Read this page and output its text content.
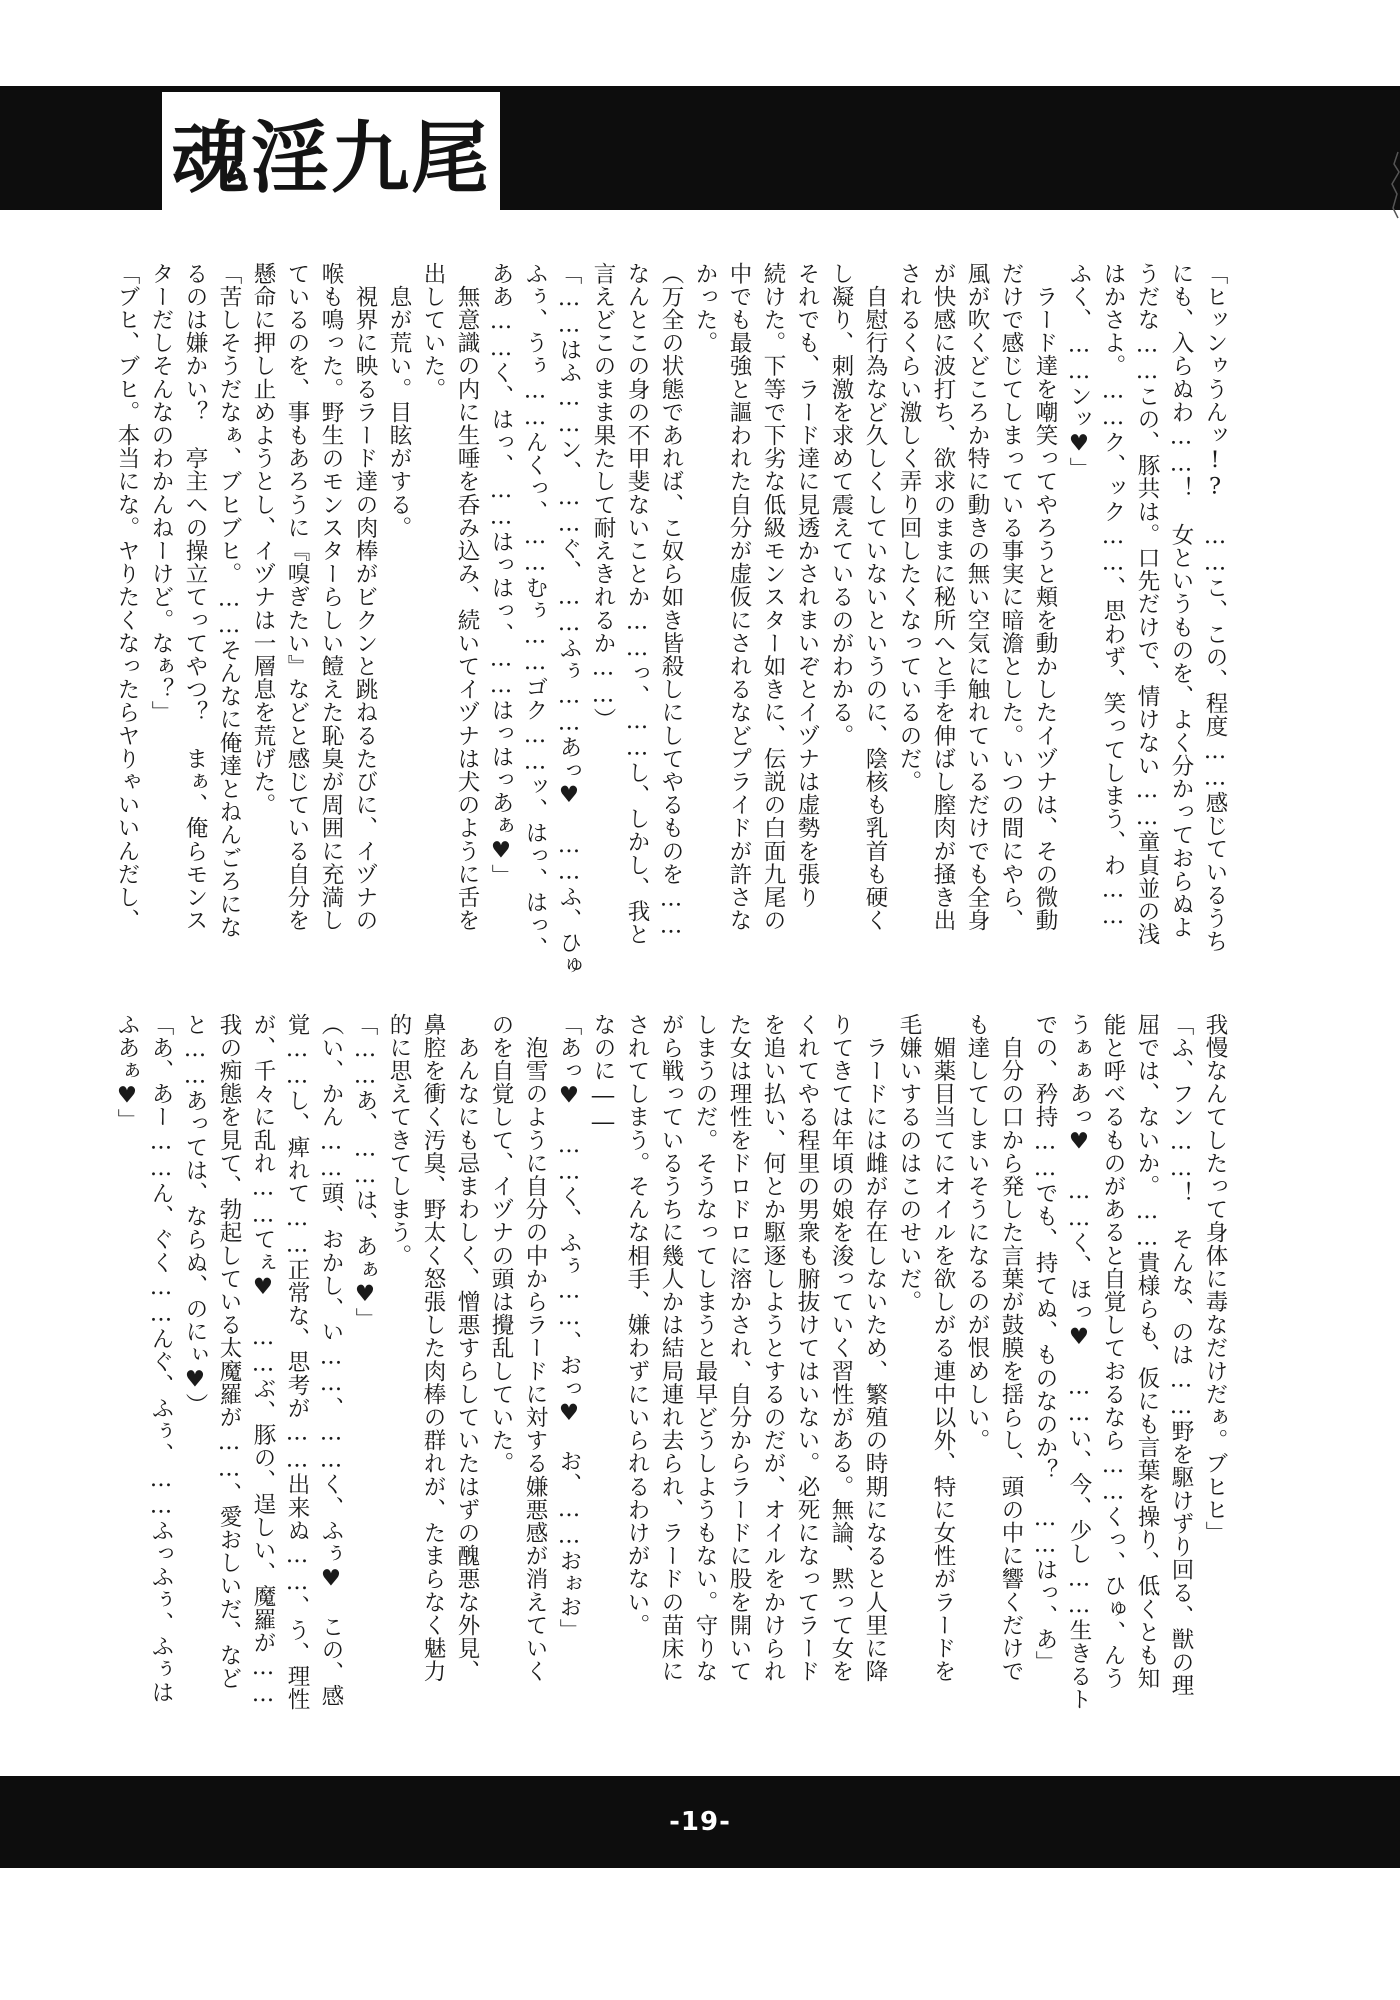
魂淫九尾

「ヒッンゥうんッ!?　……こ、この、程度……感じているうち

にも、入らぬわ……！　女というものを、よく分かっておらぬよ

うだな……この、豚共は。口先だけで、情けない……童貞並の浅

はかさよ。……ク、ック……、思わず、笑ってしまう、わ……

ふく、……ンッ♥」

　ラード達を嘲笑ってやろうと頬を動かしたイヅナは、その微動

だけで感じてしまっている事実に暗澹とした。いつの間にやら、

風が吹くどころか特に動きの無い空気に触れているだけでも全身

が快感に波打ち、欲求のままに秘所へと手を伸ばし膣肉が掻き出

されるくらい激しく弄り回したくなっているのだ。

　自慰行為など久しくしていないというのに、陰核も乳首も硬く

し凝り、刺激を求めて震えているのがわかる。

それでも、ラード達に見透かされまいぞとイヅナは虚勢を張り

続けた。下等で下劣な低級モンスター如きに、伝説の白面九尾の

中でも最強と謳われた自分が虚仮にされるなどプライドが許さな

かった。

（万全の状態であれば、こ奴ら如き皆殺しにしてやるものを……

なんとこの身の不甲斐ないことか……っ、……し、しかし、我と

言えどこのまま果たして耐えきれるか……）

「……はふ……ン、……ぐ、……ふぅ……あっ♥　……ふ、ひゅ

ふぅ、うぅ……んくっ、……むぅ……ゴク……ッ、はっ、はっ、

ああ……く、はっ、……はっはっ、……はっはっあぁ♥」

　無意識の内に生唾を呑み込み、続いてイヅナは犬のように舌を

出していた。

　息が荒い。目眩がする。

　視界に映るラード達の肉棒がビクンと跳ねるたびに、イヅナの

喉も鳴った。野生のモンスターらしい饐えた恥臭が周囲に充満し

ているのを、事もあろうに『嗅ぎたい』などと感じている自分を

懸命に押し止めようとし、イヅナは一層息を荒げた。

「苦しそうだなぁ、ブヒブヒ。……そんなに俺達とねんごろにな

るのは嫌かい？　亭主への操立てってやつ？　まぁ、俺らモンス

ターだしそんなのわかんねーけど。なぁ？」

「ブヒ、ブヒ。本当にな。ヤりたくなったらヤりゃいいんだし、

我慢なんてしたって身体に毒なだけだぁ。ブヒヒ」

「ふ、フン……！　そんな、のは……野を駆けずり回る、獣の理

屈では、ないか。……貴様らも、仮にも言葉を操り、低くとも知

能と呼べるものがあると自覚しておるなら……くっ、ひゅ、んう

うぁぁあっ♥　……く、ほっ♥　……い、今、少し……生きるト

での、矜持……でも、持てぬ、ものなのか？　……はっ、あ」

　自分の口から発した言葉が鼓膜を揺らし、頭の中に響くだけで

も達してしまいそうになるのが恨めしい。

　媚薬目当てにオイルを欲しがる連中以外、特に女性がラードを

毛嫌いするのはこのせいだ。

　ラードには雌が存在しないため、繁殖の時期になると人里に降

りてきては年頃の娘を浚っていく習性がある。無論、黙って女を

くれてやる程里の男衆も腑抜けてはいない。必死になってラード

を追い払い、何とか駆逐しようとするのだが、オイルをかけられ

た女は理性をドロドロに溶かされ、自分からラードに股を開いて

しまうのだ。そうなってしまうと最早どうしようもない。守りな

がら戦っているうちに幾人かは結局連れ去られ、ラードの苗床に

されてしまう。そんな相手、嫌わずにいられるわけがない。

なのに――

「あっ♥　……く、ふぅ……、おっ♥　お、……おぉお」

　泡雪のように自分の中からラードに対する嫌悪感が消えていく

のを自覚して、イヅナの頭は攪乱していた。

　あんなにも忌まわしく、憎悪すらしていたはずの醜悪な外見、

鼻腔を衝く汚臭、野太く怒張した肉棒の群れが、たまらなく魅力

的に思えてきてしまう。

「……あ、……は、あぁ♥」

（い、かん……頭、おかし、い……、……く、ふぅ♥　この、感

覚……し、痺れて……正常な、思考が……出来ぬ……、う、理性

が、千々に乱れ……てぇ♥　……ぶ、豚の、逞しい、魔羅が……

我の痴態を見て、勃起している太魔羅が……、愛おしいだ、など

と……あっては、ならぬ、のにぃ♥）

「あ、あー……ん、ぐく……んぐ、ふぅ、……ふっふぅ、ふぅは

ふあぁ♥」

-19-
